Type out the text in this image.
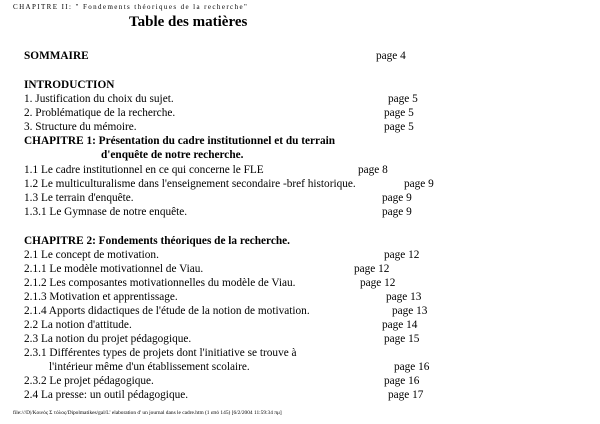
CHAPITRE II: " Fondements théoriques de la recherche"
Table des matières
SOMMAIRE	page 4
INTRODUCTION
1. Justification du choix du sujet.	page 5
2. Problématique de la recherche.	page 5
3. Structure du mémoire.	page 5
CHAPITRE 1: Présentation du cadre institutionnel et du terrain
d'enquête de notre recherche.
1.1 Le cadre institutionnel en ce qui concerne le FLE	page 8
1.2 Le multiculturalisme dans l'enseignement secondaire -bref historique.	page 9
1.3 Le terrain d'enquête.	page 9
1.3.1 Le Gymnase de notre enquête.	page 9
CHAPITRE 2: Fondements théoriques de la recherche.
2.1 Le concept de motivation.	page 12
2.1.1 Le modèle motivationnel de Viau.	page 12
2.1.2 Les composantes motivationnelles du modèle de Viau.	page 12
2.1.3 Motivation et apprentissage.	page 13
2.1.4 Apports didactiques de l'étude de la notion de motivation.	page 13
2.2 La notion d'attitude.	page 14
2.3 La notion du projet pédagogique.	page 15
2.3.1 Différentes types de projets dont l'initiative se trouve à
l'intérieur même d'un établissement scolaire.	page 16
2.3.2 Le projet pédagogique.	page 16
2.4 La presse: un outil pédagogique.	page 17
file:///D|/Κοινός Σ τόλος/Dipolmatikes/gal/L' elaboration d' un journal dans le cadre.htm (1 από 145) [6/2/2004 11:59:34 πμ]
